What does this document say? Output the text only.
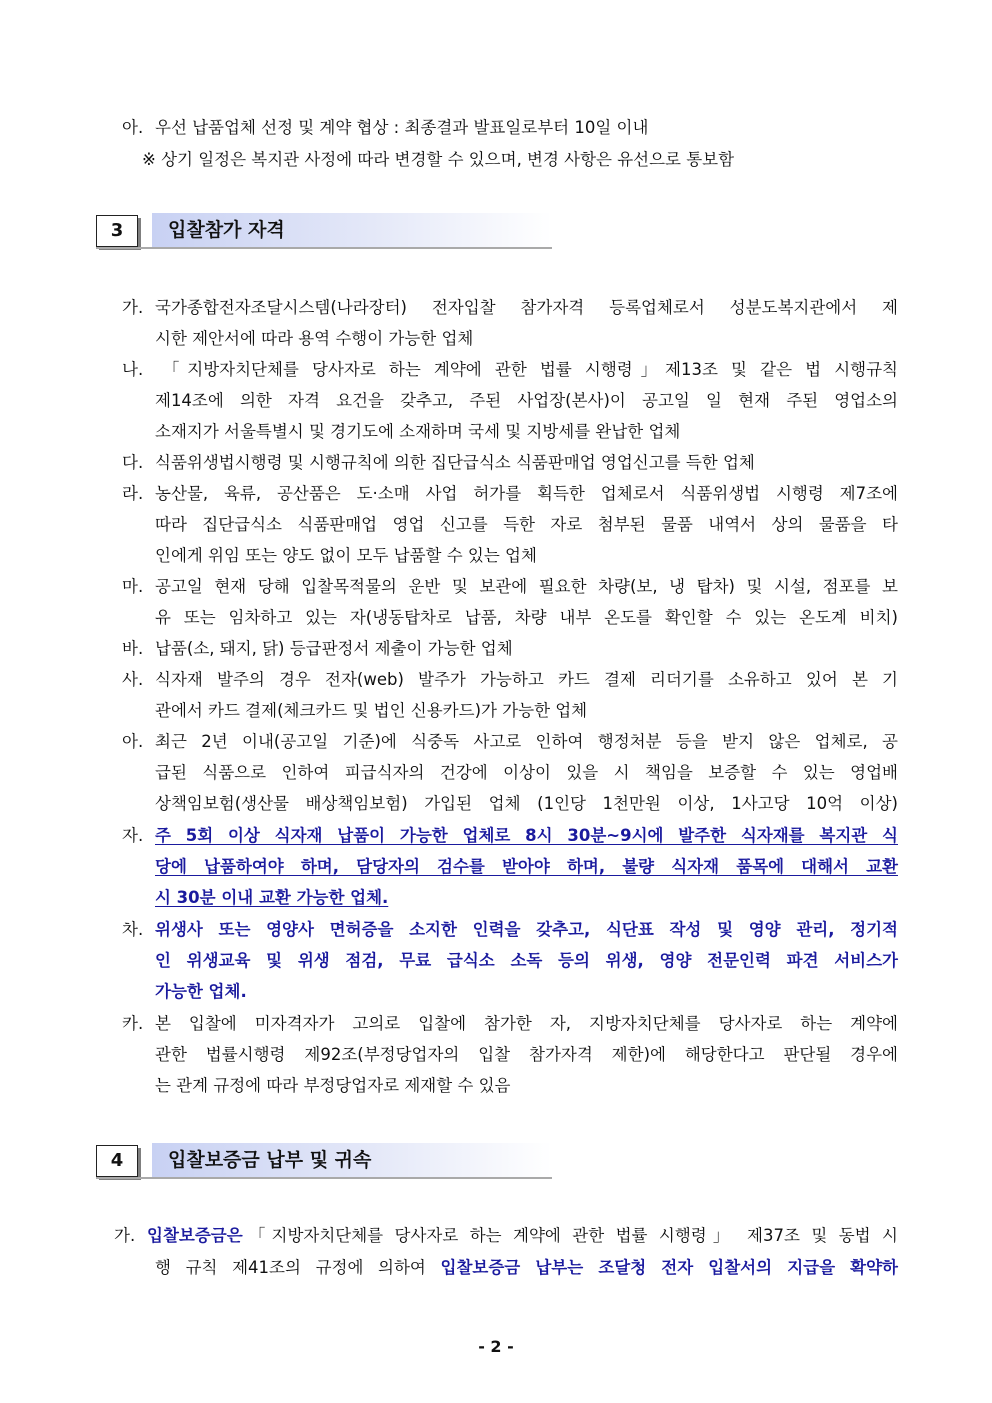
아. 우선 납품업체 선정 및 계약 협상 : 최종결과 발표일로부터 10일 이내
※ 상기 일정은 복지관 사정에 따라 변경할 수 있으며, 변경 사항은 유선으로 통보함
3	입찰참가 자격
가. 국가종합전자조달시스템(나라장터) 전자입찰 참가자격 등록업체로서 성분도복지관에서 제
시한 제안서에 따라 용역 수행이 가능한 업체
나. 「지방자치단체를 당사자로 하는 계약에 관한 법률 시행령」제13조 및 같은 법 시행규칙
제14조에 의한 자격 요건을 갖추고, 주된 사업장(본사)이 공고일 일 현재 주된 영업소의
소재지가 서울특별시 및 경기도에 소재하며 국세 및 지방세를 완납한 업체
다. 식품위생법시행령 및 시행규칙에 의한 집단급식소 식품판매업 영업신고를 득한 업체
라. 농산물, 육류, 공산품은 도·소매 사업 허가를 획득한 업체로서 식품위생법 시행령 제7조에
따라 집단급식소 식품판매업 영업 신고를 득한 자로 첨부된 물품 내역서 상의 물품을 타
인에게 위임 또는 양도 없이 모두 납품할 수 있는 업체
마. 공고일 현재 당해 입찰목적물의 운반 및 보관에 필요한 차량(보, 냉 탑차) 및 시설, 점포를 보
유 또는 임차하고 있는 자(냉동탑차로 납품, 차량 내부 온도를 확인할 수 있는 온도계 비치)
바. 납품(소, 돼지, 닭) 등급판정서 제출이 가능한 업체
사. 식자재 발주의 경우 전자(web) 발주가 가능하고 카드 결제 리더기를 소유하고 있어 본 기
관에서 카드 결제(체크카드 및 법인 신용카드)가 가능한 업체
아. 최근 2년 이내(공고일 기준)에 식중독 사고로 인하여 행정처분 등을 받지 않은 업체로, 공
급된 식품으로 인하여 피급식자의 건강에 이상이 있을 시 책임을 보증할 수 있는 영업배
상책임보험(생산물 배상책임보험) 가입된 업체 (1인당 1천만원 이상, 1사고당 10억 이상)
자. 주 5회 이상 식자재 납품이 가능한 업체로 8시 30분~9시에 발주한 식자재를 복지관 식
당에 납품하여야 하며, 담당자의 검수를 받아야 하며, 불량 식자재 품목에 대해서 교환
시 30분 이내 교환 가능한 업체.
차. 위생사 또는 영양사 면허증을 소지한 인력을 갖추고, 식단표 작성 및 영양 관리, 정기적
인 위생교육 및 위생 점검, 무료 급식소 소독 등의 위생, 영양 전문인력 파견 서비스가
가능한 업체.
카. 본 입찰에 미자격자가 고의로 입찰에 참가한 자, 지방자치단체를 당사자로 하는 계약에
관한 법률시행령 제92조(부정당업자의 입찰 참가자격 제한)에 해당한다고 판단될 경우에
는 관계 규정에 따라 부정당업자로 제재할 수 있음
4	입찰보증금 납부 및 귀속
가. 입찰보증금은「지방자치단체를 당사자로 하는 계약에 관한 법률 시행령」 제37조 및 동법 시
행 규칙 제41조의 규정에 의하여 입찰보증금 납부는 조달청 전자 입찰서의 지급을 확약하
- 2 -
